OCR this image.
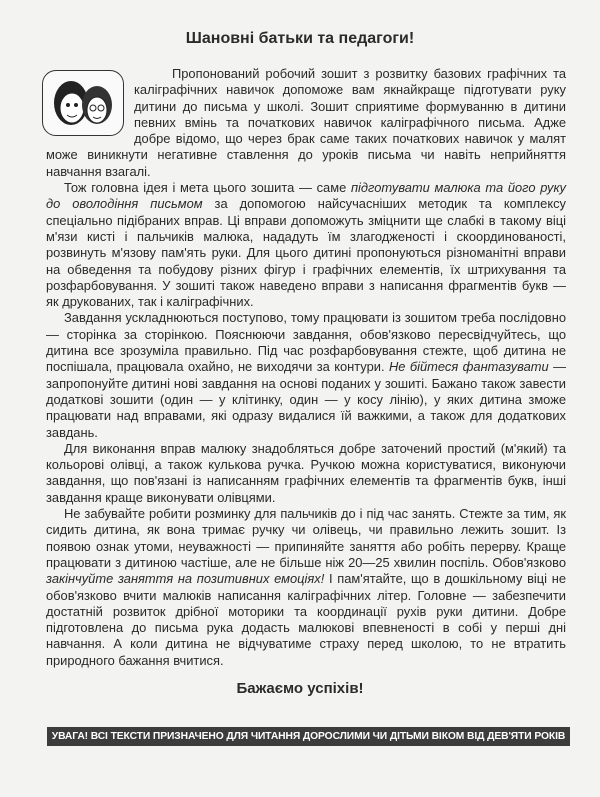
Шановні батьки та педагоги!

Пропонований робочий зошит з розвитку базових графічних та каліграфічних навичок допоможе вам якнайкраще підготувати руку дитини до письма у школі. Зошит сприятиме формуванню в дитини певних вмінь та початкових навичок каліграфічного письма. Адже добре відомо, що через брак саме таких початкових навичок у малят може виникнути негативне ставлення до уроків письма чи навіть неприйняття навчання взагалі.

Тож головна ідея і мета цього зошита — саме підготувати малюка та його руку до оволодіння письмом за допомогою найсучасніших методик та комплексу спеціально підібраних вправ. Ці вправи допоможуть зміцнити ще слабкі в такому віці м'язи кисті і пальчиків малюка, нададуть їм злагодженості і скоординованості, розвинуть м'язову пам'ять руки. Для цього дитині пропонуються різноманітні вправи на обведення та побудову різних фігур і графічних елементів, їх штрихування та розфарбовування. У зошиті також наведено вправи з написання фрагментів букв — як друкованих, так і каліграфічних.

Завдання ускладнюються поступово, тому працювати із зошитом треба послідовно — сторінка за сторінкою. Пояснюючи завдання, обов'язково пересвідчуйтесь, що дитина все зрозуміла правильно. Під час розфарбовування стежте, щоб дитина не поспішала, працювала охайно, не виходячи за контури. Не бійтеся фантазувати — запропонуйте дитині нові завдання на основі поданих у зошиті. Бажано також завести додаткові зошити (один — у клітинку, один — у косу лінію), у яких дитина зможе працювати над вправами, які одразу видалися їй важкими, а також для додаткових завдань.

Для виконання вправ малюку знадобляться добре заточений простий (м'який) та кольорові олівці, а також кулькова ручка. Ручкою можна користуватися, виконуючи завдання, що пов'язані із написанням графічних елементів та фрагментів букв, інші завдання краще виконувати олівцями.

Не забувайте робити розминку для пальчиків до і під час занять. Стежте за тим, як сидить дитина, як вона тримає ручку чи олівець, чи правильно лежить зошит. Із появою ознак утоми, неуважності — припиняйте заняття або робіть перерву. Краще працювати з дитиною частіше, але не більше ніж 20—25 хвилин поспіль. Обов'язково закінчуйте заняття на позитивних емоціях! І пам'ятайте, що в дошкільному віці не обов'язково вчити малюків написання каліграфічних літер. Головне — забезпечити достатній розвиток дрібної моторики та координації рухів руки дитини. Добре підготовлена до письма рука додасть малюкові впевненості в собі у перші дні навчання. А коли дитина не відчуватиме страху перед школою, то не втратить природного бажання вчитися.

Бажаємо успіхів!
УВАГА! ВСІ ТЕКСТИ ПРИЗНАЧЕНО ДЛЯ ЧИТАННЯ ДОРОСЛИМИ ЧИ ДІТЬМИ ВІКОМ ВІД ДЕВ'ЯТИ РОКІВ
